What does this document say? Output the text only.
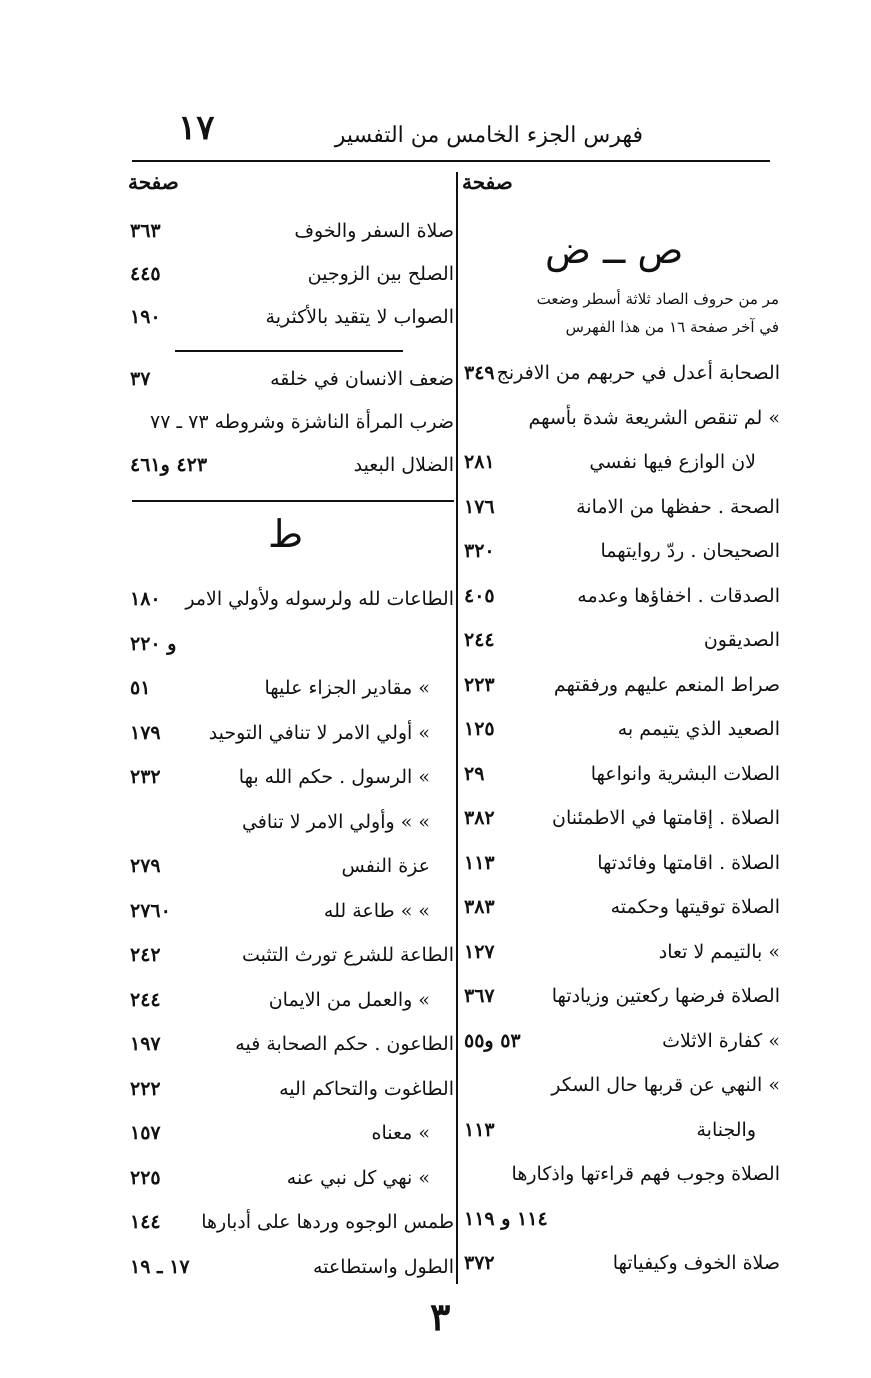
١٧	فهرس الجزء الخامس من التفسير
صفحة	صفحة
ص ــ ض
مر من حروف الصاد ثلاثة أسطر وضعت
في آخر صفحة ١٦ من هذا الفهرس
الصحابة أعدل في حربهم من الافرنج
٣٤٩
» لم تنقص الشريعة شدة بأسهم
لان الوازع فيها نفسي
٢٨١
الصحة . حفظها من الامانة
١٧٦
الصحيحان . ردّ روايتهما
٣٢٠
الصدقات . اخفاؤها وعدمه
٤٠٥
الصديقون
٢٤٤
صراط المنعم عليهم ورفقتهم
٢٢٣
الصعيد الذي يتيمم به
١٢٥
الصلات البشرية وانواعها
٢٩
الصلاة . إقامتها في الاطمئنان
٣٨٢
الصلاة . اقامتها وفائدتها
١١٣
الصلاة توقيتها وحكمته
٣٨٣
» بالتيمم لا تعاد
١٢٧
الصلاة فرضها ركعتين وزيادتها
٣٦٧
» كفارة الاثلاث
٥٣ و٥٥
» النهي عن قربها حال السكر
والجنابة
١١٣
الصلاة وجوب فهم قراءتها واذكارها
١١٤ و ١١٩
صلاة الخوف وكيفياتها
٣٧٢
صلاة السفر والخوف
٣٦٣
الصلح بين الزوجين
٤٤٥
الصواب لا يتقيد بالأكثرية
١٩٠
ضعف الانسان في خلقه
٣٧
ضرب المرأة الناشزة وشروطه ٧٣ ـ ٧٧
الضلال البعيد
٤٢٣ و٤٦١
ط
الطاعات لله ولرسوله ولأولي الامر
١٨٠
و ٢٢٠
» مقادير الجزاء عليها
٥١
» أولي الامر لا تنافي التوحيد
١٧٩
» الرسول . حكم الله بها
٢٣٢
» » وأولي الامر لا تنافي
عزة النفس
٢٧٩
» » طاعة لله
٢٧٦٠
الطاعة للشرع تورث التثبت
٢٤٢
» والعمل من الايمان
٢٤٤
الطاعون . حكم الصحابة فيه
١٩٧
الطاغوت والتحاكم اليه
٢٢٢
» معناه
١٥٧
» نهي كل نبي عنه
٢٢٥
طمس الوجوه وردها على أدبارها
١٤٤
الطول واستطاعته
١٧ ـ ١٩
٣
